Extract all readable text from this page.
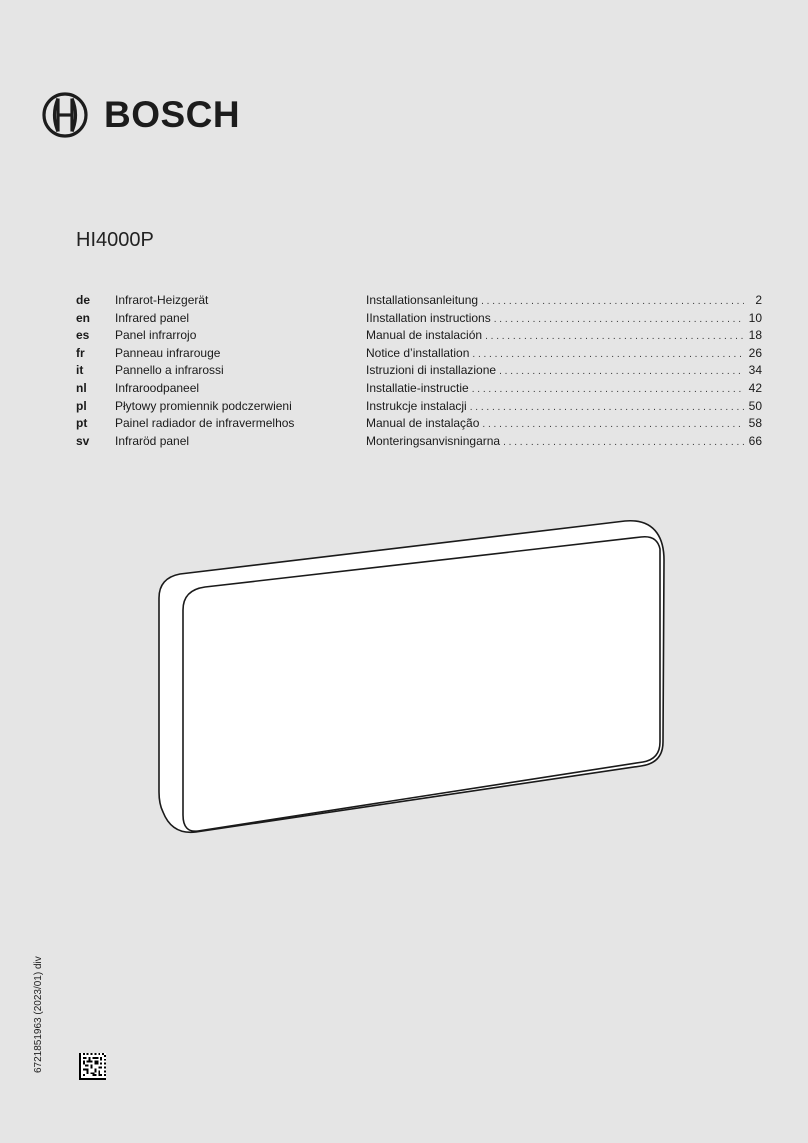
BOSCH
HI4000P
de	Infrarot-Heizgerät	Installationsanleitung . . .	2
en	Infrared panel	IInstallation instructions . . .	10
es	Panel infrarrojo	Manual de instalación . . .	18
fr	Panneau infrarouge	Notice d’installation . . .	26
it	Pannello a infrarossi	Istruzioni di installazione . . .	34
nl	Infraroodpaneel	Installatie-instructie . . .	42
pl	Płytowy promiennik podczerwieni	Instrukcje instalacji . . .	50
pt	Painel radiador de infravermelhos	Manual de instalação . . .	58
sv	Infraröd panel	Monteringsanvisningarna . . .	66
6721851963 (2023/01) div
